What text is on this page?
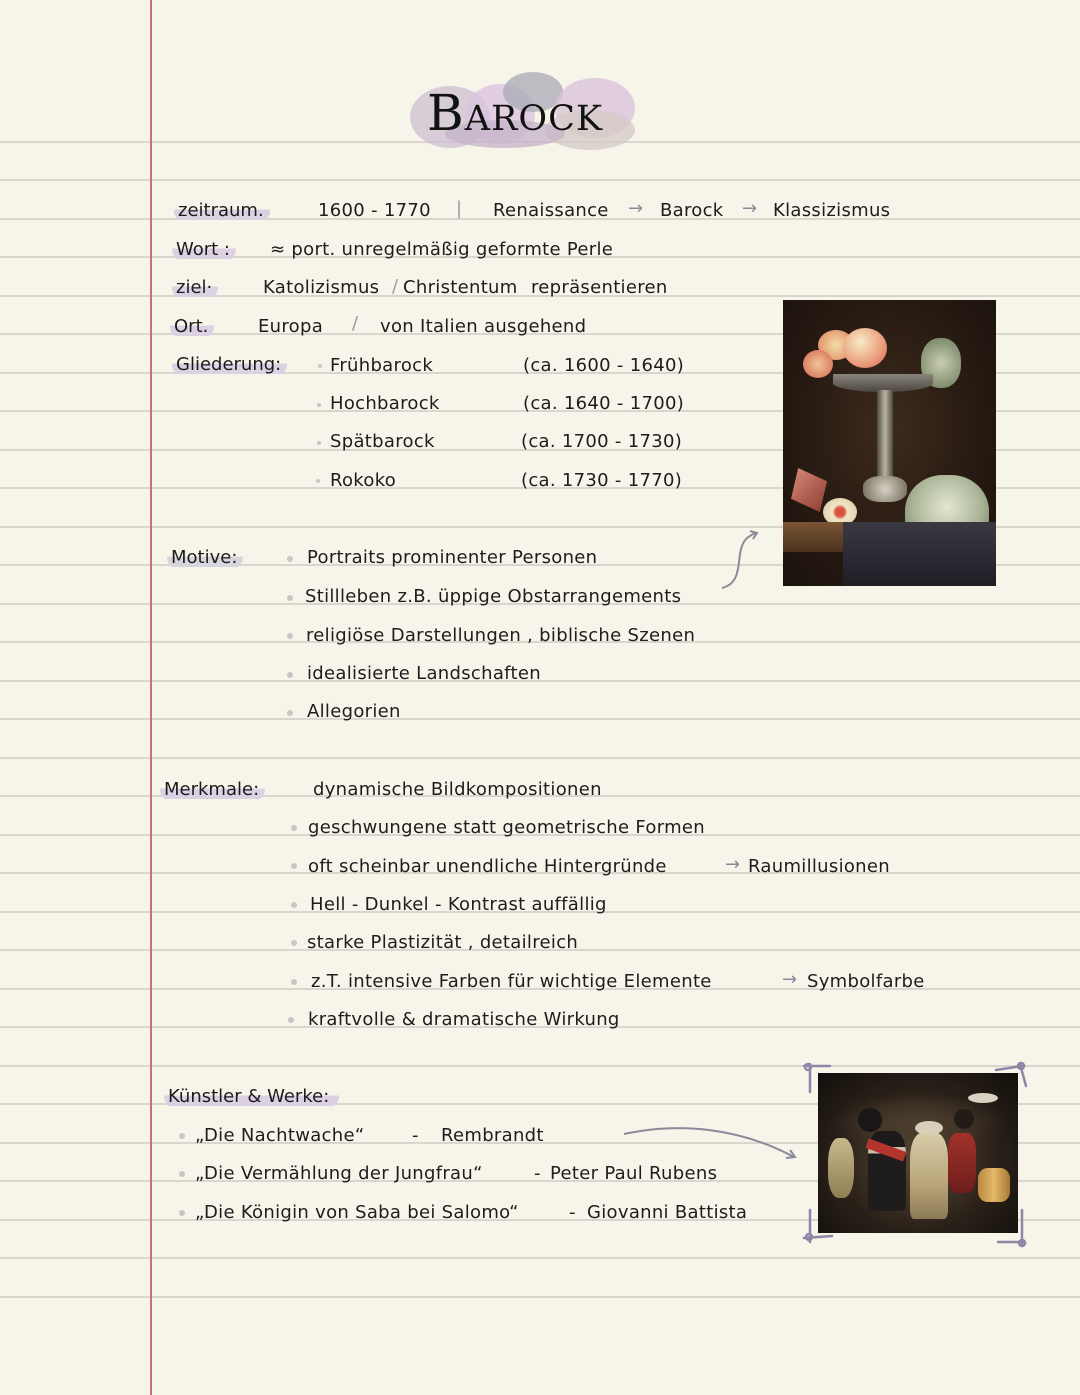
Barock
zeitraum.	1600 - 1770 | Renaissance → Barock → Klassizismus
Wort :	≈ port. unregelmäßig geformte Perle
ziel·	Katolizismus / Christentum repräsentieren
Ort.	Europa / von Italien ausgehend
Gliederung:	Frühbarock	(ca. 1600 - 1640)
Hochbarock	(ca. 1640 - 1700)
Spätbarock	(ca. 1700 - 1730)
Rokoko	(ca. 1730 - 1770)
Motive:	Portraits prominenter Personen
Stillleben z.B. üppige Obstarrangements
religiöse Darstellungen , biblische Szenen
idealisierte Landschaften
Allegorien
Merkmale:	dynamische Bildkompositionen
geschwungene statt geometrische Formen
oft scheinbar unendliche Hintergründe	→ Raumillusionen
Hell - Dunkel - Kontrast auffällig
starke Plastizität , detailreich
z.T. intensive Farben für wichtige Elemente	→ Symbolfarbe
kraftvolle & dramatische Wirkung
Künstler & Werke:
„Die Nachtwache“	- Rembrandt
„Die Vermählung der Jungfrau“	- Peter Paul Rubens
„Die Königin von Saba bei Salomo“	- Giovanni Battista
